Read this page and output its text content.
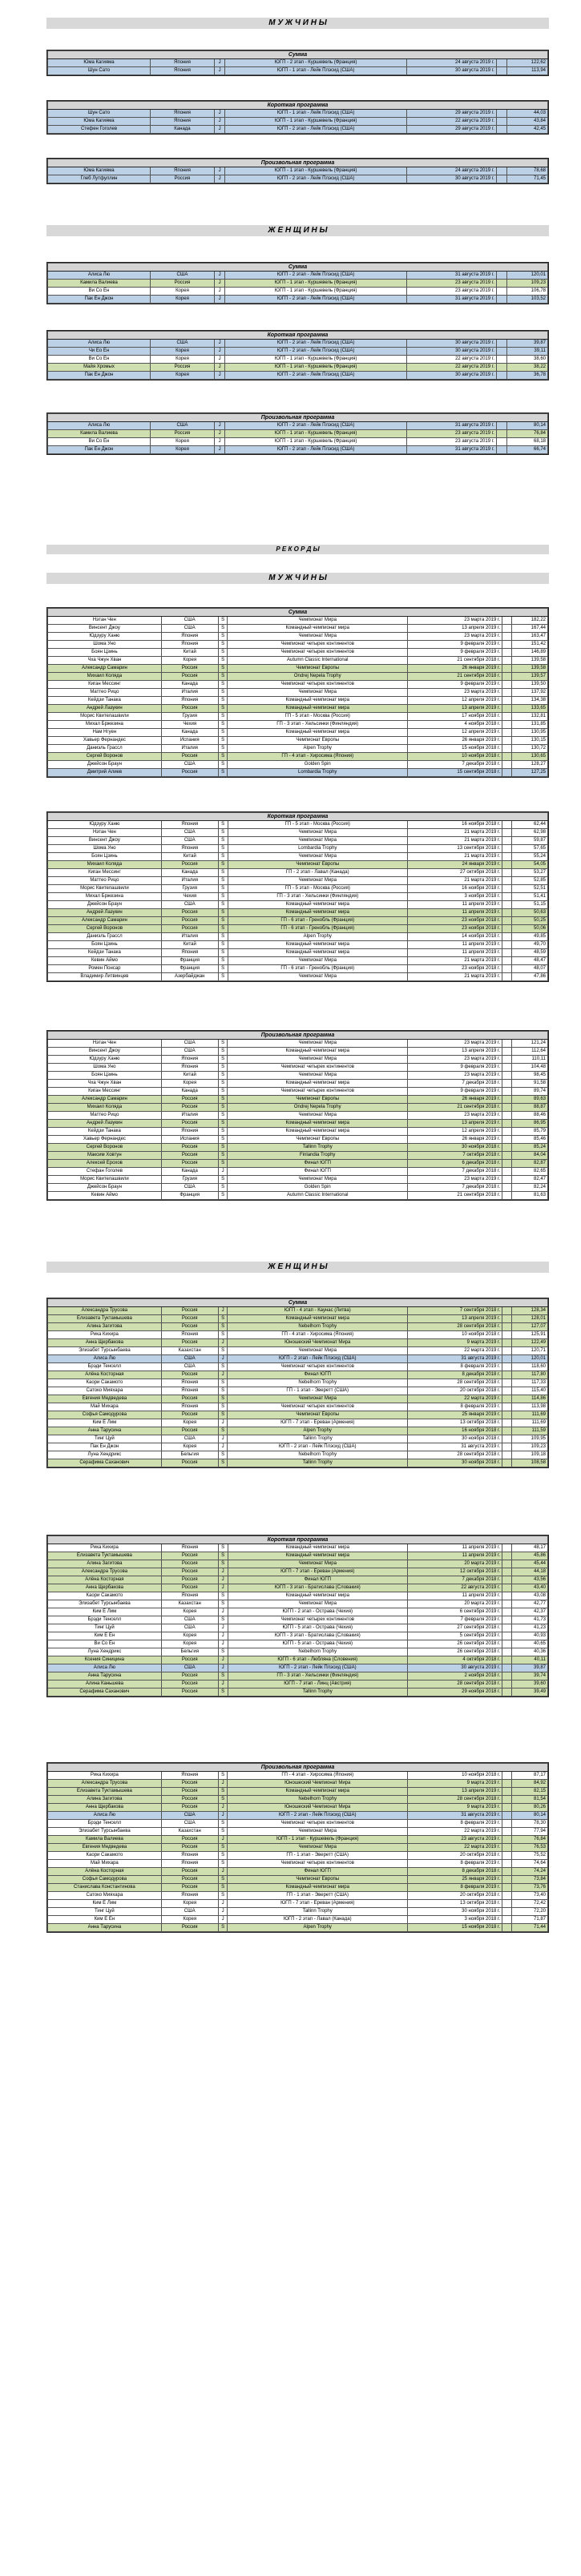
М У Ж Ч И Н Ы
Сумма						
Юма Кагияма	Япония	J	ЮГП - 2 этап - Куршевель (Франция)	24 августа 2019 г.		122,62
Шун Сато	Япония	J	ЮГП - 1 этап - Лейк Плэсид (США)	30 августа 2019 г.		113,94
Короткая программа						
Шун Сато	Япония	J	ЮГП - 1 этап - Лейк Плэсид (США)	29 августа 2019 г.		44,03
Юма Кагияма	Япония	J	ЮГП - 1 этап - Куршевель (Франция)	22 августа 2019 г.		43,84
Стефен Гоголев	Канада	J	ЮГП - 2 этап - Лейк Плэсид (США)	29 августа 2019 г.		42,45
Произвольная программа						
Юма Кагияма	Япония	J	ЮГП - 1 этап - Куршевель (Франция)	24 августа 2019 г.		78,68
Глеб Лутфуллин	Россия	J	ЮГП - 2 этап - Лейк Плэсид (США)	30 августа 2019 г.		71,45
Ж Е Н Щ И Н Ы
Сумма						
Алиса Лю	США	J	ЮГП - 2 этап - Лейк Плэсид (США)	31 августа 2019 г.		120,01
Камила Валиева	Россия	J	ЮГП - 1 этап - Куршевель (Франция)	23 августа 2019 г.		109,23
Ви Со Ён	Корея	J	ЮГП - 1 этап - Куршевель (Франция)	23 августа 2019 г.		106,78
Пак Ён Джон	Корея	J	ЮГП - 2 этап - Лейк Плэсид (США)	31 августа 2019 г.		103,52
Короткая программа						
Алиса Лю	США	J	ЮГП - 2 этап - Лейк Плэсид (США)	30 августа 2019 г.		39,87
Чи Ео Ён	Корея	J	ЮГП - 2 этап - Лейк Плэсид (США)	30 августа 2019 г.		39,11
Ви Со Ён	Корея	J	ЮГП - 1 этап - Куршевель (Франция)	22 августа 2019 г.		38,60
Майя Хромых	Россия	J	ЮГП - 1 этап - Куршевель (Франция)	22 августа 2019 г.		38,22
Пак Ён Джон	Корея	J	ЮГП - 2 этап - Лейк Плэсид (США)	30 августа 2019 г.		36,78
Произвольная программа						
Алиса Лю	США	J	ЮГП - 2 этап - Лейк Плэсид (США)	31 августа 2019 г.		80,14
Камила Валиева	Россия	J	ЮГП - 1 этап - Куршевель (Франция)	23 августа 2019 г.		76,84
Ви Со Ён	Корея	J	ЮГП - 1 этап - Куршевель (Франция)	23 августа 2019 г.		68,18
Пак Ён Джон	Корея	J	ЮГП - 2 этап - Лейк Плэсид (США)	31 августа 2019 г.		66,74
Р Е К О Р Д Ы
М У Ж Ч И Н Ы
Сумма						
Нэтан Чен	США	S	Чемпионат Мира	23 марта 2019 г.		182,22
Винсент Джоу	США	S	Командный чемпионат мира	13 апреля 2019 г.		167,44
Юдзуру Ханю	Япония	S	Чемпионат Мира	23 марта 2019 г.		163,47
Шома Уно	Япония	S	Чемпионат четырех континентов	9 февраля 2019 г.		151,42
Боян Цзинь	Китай	S	Чемпионат четырех континентов	9 февраля 2019 г.		146,89
Чха Чжун Хван	Корея	S	Autumn Classic International	21 сентября 2018 г.		139,58
Александр Самарин	Россия	S	Чемпионат Европы	26 января 2019 г.		139,58
Михаил Коляда	Россия	S	Ondrej Nepela Trophy	21 сентября 2018 г.		139,57
Киган Мессинг	Канада	S	Чемпионат четырех континентов	9 февраля 2019 г.		139,50
Маттео Рицо	Италия	S	Чемпионат Мира	23 марта 2019 г.		137,92
Кейдзи Танака	Япония	S	Командный чемпионат мира	12 апреля 2019 г.		134,38
Андрей Лазукин	Россия	S	Командный чемпионат мира	13 апреля 2019 г.		133,65
Морис Квителашвили	Грузия	S	ГП - 5 этап - Москва (Россия)	17 ноября 2018 г.		132,81
Михал Бржезина	Чехия	S	ГП - 3 этап - Хельсинки (Финляндия)	4 ноября 2018 г.		131,85
Нам Нгуен	Канада	S	Командный чемпионат мира	12 апреля 2019 г.		130,95
Хавьер Фернандес	Испания	S	Чемпионат Европы	26 января 2019 г.		130,15
Даниэль Грассл	Италия	S	Alpen Trophy	15 ноября 2018 г.		130,72
Сергей Воронов	Россия	S	ГП - 4 этап - Хиросима (Япония)	10 ноября 2018 г.		130,65
Джейсон Браун	США	S	Golden Spin	7 декабря 2018 г.		128,27
Дмитрий Алиев	Россия	S	Lombardia Trophy	15 сентября 2018 г.		127,25
Короткая программа						
Юдзуру Ханю	Япония	S	ГП - 5 этап - Москва (Россия)	16 ноября 2018 г.		62,44
Нэтан Чен	США	S	Чемпионат Мира	21 марта 2019 г.		62,98
Винсент Джоу	США	S	Чемпионат Мира	21 марта 2019 г.		59,87
Шома Уно	Япония	S	Lombardia Trophy	13 сентября 2018 г.		57,65
Боян Цзинь	Китай	S	Чемпионат Мира	21 марта 2019 г.		55,24
Михаил Коляда	Россия	S	Чемпионат Европы	24 января 2019 г.		54,05
Киган Мессинг	Канада	S	ГП - 2 этап - Лавал (Канада)	27 октября 2018 г.		53,27
Маттео Рицо	Италия	S	Чемпионат Мира	21 марта 2019 г.		52,85
Морис Квителашвили	Грузия	S	ГП - 5 этап - Москва (Россия)	16 ноября 2018 г.		52,51
Михал Бржезина	Чехия	S	ГП - 3 этап - Хельсинки (Финляндия)	3 ноября 2018 г.		51,41
Джейсон Браун	США	S	Командный чемпионат мира	11 апреля 2019 г.		51,15
Андрей Лазукин	Россия	S	Командный чемпионат мира	11 апреля 2019 г.		50,63
Александр Самарин	Россия	S	ГП - 6 этап - Гренобль (Франция)	23 ноября 2018 г.		50,25
Сергей Воронов	Россия	S	ГП - 6 этап - Гренобль (Франция)	23 ноября 2018 г.		50,06
Даниэль Грассл	Италия	S	Alpen Trophy	14 ноября 2018 г.		49,85
Боян Цзинь	Китай	S	Командный чемпионат мира	11 апреля 2019 г.		49,70
Кейдзи Танака	Япония	S	Командный чемпионат мира	11 апреля 2019 г.		48,59
Кевин Аймо	Франция	S	Чемпионат Мира	21 марта 2019 г.		48,47
Ромен Понсар	Франция	S	ГП - 6 этап - Гренобль (Франция)	23 ноября 2018 г.		48,07
Владимир Литвинцев	Азербайджан	S	Чемпионат Мира	21 марта 2019 г.		47,86
Произвольная программа						
Нэтан Чен	США	S	Чемпионат Мира	23 марта 2019 г.		121,24
Винсент Джоу	США	S	Командный чемпионат мира	13 апреля 2019 г.		112,64
Юдзуру Ханю	Япония	S	Чемпионат Мира	23 марта 2019 г.		110,11
Шома Уно	Япония	S	Чемпионат четырех континентов	9 февраля 2019 г.		104,48
Боян Цзинь	Китай	S	Чемпионат Мира	23 марта 2019 г.		98,45
Чха Чжун Хван	Корея	S	Командный чемпионат мира	7 декабря 2018 г.		91,58
Киган Мессинг	Канада	S	Чемпионат четырех континентов	9 февраля 2019 г.		89,74
Александр Самарин	Россия	S	Чемпионат Европы	26 января 2019 г.		89,63
Михаил Коляда	Россия	S	Ondrej Nepela Trophy	21 сентября 2018 г.		88,87
Маттео Рицо	Италия	S	Чемпионат Мира	23 марта 2019 г.		88,46
Андрей Лазукин	Россия	S	Командный чемпионат мира	13 апреля 2019 г.		86,95
Кейдзи Танака	Япония	S	Командный чемпионат мира	12 апреля 2019 г.		85,79
Хавьер Фернандес	Испания	S	Чемпионат Европы	26 января 2019 г.		85,46
Сергей Воронов	Россия	S	Tallinn Trophy	30 ноября 2018 г.		85,24
Максим Ховтун	Россия	S	Finlandia Trophy	7 октября 2018 г.		84,04
Алексей Ерохов	Россия	S	Финал ЮГП	6 декабря 2018 г.		82,87
Стефан Гоголев	Канада	J	Финал ЮГП	7 декабря 2018 г.		82,65
Морис Квителашвили	Грузия	S	Чемпионат Мира	23 марта 2019 г.		82,47
Джейсон Браун	США	S	Golden Spin	7 декабря 2018 г.		82,24
Кевин Аймо	Франция	S	Autumn Classic International	21 сентября 2018 г.		81,63
Ж Е Н Щ И Н Ы
Сумма						
Александра Трусова	Россия	J	ЮГП - 4 этап - Каунас (Литва)	7 сентября 2018 г.		128,34
Елизавета Туктамышева	Россия	S	Командный чемпионат мира	13 апреля 2019 г.		128,01
Алина Загитова	Россия	S	Nebelhorn Trophy	28 сентября 2018 г.		127,07
Рика Кихира	Япония	S	ГП - 4 этап - Хиросима (Япония)	10 ноября 2018 г.		125,91
Анна Щербакова	Россия	J	Юношеский Чемпионат Мира	9 марта 2019 г.		122,49
Элизабет Турсынбаева	Казахстан	S	Чемпионат Мира	22 марта 2019 г.		120,71
Алиса Лю	США	J	ЮГП - 2 этап - Лейк Плэсид (США)	31 августа 2019 г.		120,01
Брэди Тенселл	США	S	Чемпионат четырех континентов	8 февраля 2019 г.		118,60
Алёна Косторная	Россия	J	Финал ЮГП	8 декабря 2018 г.		117,80
Каори Сакамото	Япония	S	Nebelhorn Trophy	28 сентября 2018 г.		117,33
Сатоко Мияхара	Япония	S	ГП - 1 этап - Эверетт (США)	20 октября 2018 г.		115,40
Евгения Медведева	Россия	S	Чемпионат Мира	22 марта 2019 г.		114,86
Май Михара	Япония	S	Чемпионат четырех континентов	8 февраля 2019 г.		113,98
Софья Самодурова	Россия	S	Чемпионат Европы	25 января 2019 г.		111,69
Ким Ё Лим	Корея	J	ЮГП - 7 этап - Ереван (Армения)	13 октября 2018 г.		111,69
Анна Тарусина	Россия	S	Alpen Trophy	16 ноября 2018 г.		111,59
Тинг Цуй	США	J	Tallinn Trophy	30 ноября 2018 г.		109,95
Пак Ён Джон	Корея	J	ЮГП - 2 этап - Лейк Плэсид (США)	31 августа 2019 г.		109,23
Луна Хендрикс	Бельгия	S	Nebelhorn Trophy	28 сентября 2018 г.		109,18
Серафима Саханович	Россия	S	Tallinn Trophy	30 ноября 2018 г.		108,58
Короткая программа						
Рика Кихира	Япония	S	Командный чемпионат мира	11 апреля 2019 г.		48,17
Елизавета Туктамышева	Россия	S	Командный чемпионат мира	11 апреля 2019 г.		45,86
Алина Загитова	Россия	S	Чемпионат Мира	20 марта 2019 г.		45,44
Александра Трусова	Россия	J	ЮГП - 7 этап - Ереван (Армения)	12 октября 2018 г.		44,18
Алёна Косторная	Россия	J	Финал ЮГП	7 декабря 2018 г.		43,56
Анна Щербакова	Россия	J	ЮГП - 3 этап - Братислава (Словакия)	22 августа 2019 г.		43,40
Каори Сакамото	Япония	S	Командный чемпионат мира	11 апреля 2019 г.		43,08
Элизабет Турсынбаева	Казахстан	S	Чемпионат Мира	20 марта 2019 г.		42,77
Ким Ё Лим	Корея	J	ЮГП - 2 этап - Острава (Чехия)	6 сентября 2019 г.		42,37
Брэди Тенселл	США	S	Чемпионат четырех континентов	7 февраля 2019 г.		41,73
Тинг Цуй	США	J	ЮГП - 5 этап - Острава (Чехия)	27 сентября 2018 г.		41,23
Ким Е Ён	Корея	J	ЮГП - 3 этап - Братислава (Словакия)	5 сентября 2019 г.		40,93
Ви Со Ён	Корея	J	ЮГП - 5 этап - Острава (Чехия)	26 сентября 2018 г.		40,65
Луна Хендрикс	Бельгия	S	Nebelhorn Trophy	26 сентября 2018 г.		40,36
Ксения Синицина	Россия	J	ЮГП - 6 этап - Любляна (Словения)	4 октября 2018 г.		40,11
Алиса Лю	США	J	ЮГП - 2 этап - Лейк Плэсид (США)	30 августа 2019 г.		39,87
Анна Тарусина	Россия	S	ГП - 3 этап - Хельсинки (Финляндия)	2 ноября 2018 г.		39,74
Алина Каньшева	Россия	J	ЮГП - 7 этап - Линц (Австрия)	28 сентября 2018 г.		39,60
Серафима Саханович	Россия	S	Tallinn Trophy	29 ноября 2018 г.		39,49
Произвольная программа						
Рика Кихира	Япония	S	ГП - 4 этап - Хиросима (Япония)	10 ноября 2018 г.		87,17
Александра Трусова	Россия	J	Юношеский Чемпионат Мира	9 марта 2019 г.		84,92
Елизавета Туктамышева	Россия	S	Командный чемпионат мира	13 апреля 2019 г.		82,15
Алина Загитова	Россия	S	Nebelhorn Trophy	28 сентября 2018 г.		81,54
Анна Щербакова	Россия	J	Юношеский Чемпионат Мира	9 марта 2019 г.		80,26
Алиса Лю	США	J	ЮГП - 2 этап - Лейк Плэсид (США)	31 августа 2019 г.		80,14
Брэди Тенселл	США	S	Чемпионат четырех континентов	8 февраля 2019 г.		78,30
Элизабет Турсынбаева	Казахстан	S	Чемпионат Мира	22 марта 2019 г.		77,94
Камила Валиева	Россия	J	ЮГП - 1 этап - Куршевель (Франция)	23 августа 2019 г.		76,84
Евгения Медведева	Россия	S	Чемпионат Мира	22 марта 2019 г.		76,53
Каори Сакамото	Япония	S	ГП - 1 этап - Эверетт (США)	20 октября 2018 г.		75,52
Май Михара	Япония	S	Чемпионат четырех континентов	8 февраля 2019 г.		74,64
Алёна Косторная	Россия	J	Финал ЮГП	8 декабря 2018 г.		74,24
Софья Самодурова	Россия	S	Чемпионат Европы	25 января 2019 г.		73,84
Станислава Константинова	Россия	S	Командный чемпионат мира	8 февраля 2019 г.		73,76
Сатоко Мияхара	Япония	S	ГП - 1 этап - Эверетт (США)	20 октября 2018 г.		73,40
Ким Ё Лим	Корея	J	ЮГП - 7 этап - Ереван (Армения)	13 октября 2018 г.		72,42
Тинг Цуй	США	J	Tallinn Trophy	30 ноября 2018 г.		72,20
Ким Е Ён	Корея	J	ЮГП - 2 этап - Лавал (Канада)	3 ноября 2018 г.		71,87
Анна Тарусина	Россия	S	Alpen Trophy	15 ноября 2018 г.		71,44
